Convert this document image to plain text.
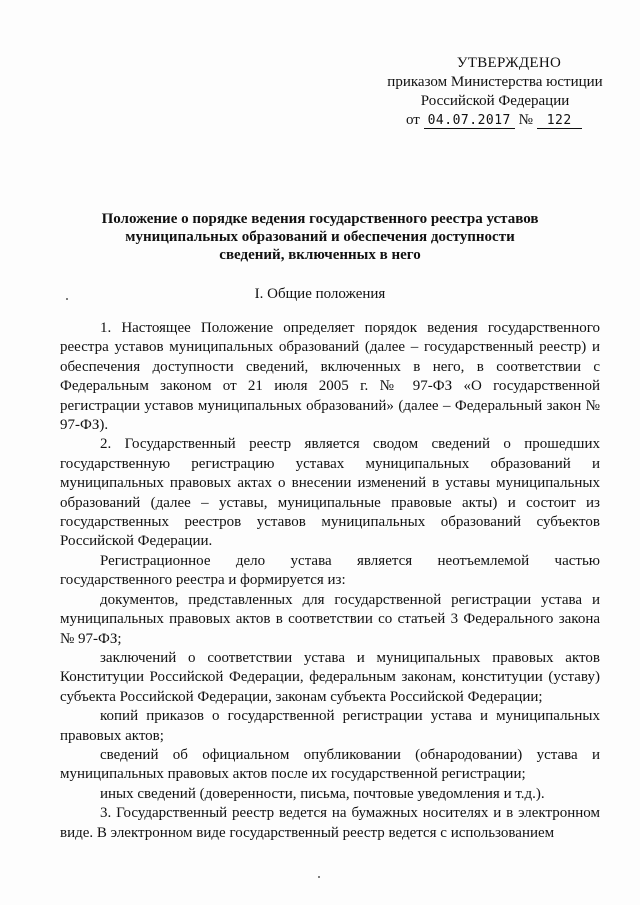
УТВЕРЖДЕНО
приказом Министерства юстиции
Российской Федерации
от 04.07.2017 № 122
Положение о порядке ведения государственного реестра уставов
муниципальных образований и обеспечения доступности
сведений, включенных в него
I. Общие положения

1. Настоящее Положение определяет порядок ведения государственного реестра уставов муниципальных образований (далее – государственный реестр) и обеспечения доступности сведений, включенных в него, в соответствии с Федеральным законом от 21 июля 2005 г. № 97-ФЗ «О государственной регистрации уставов муниципальных образований» (далее – Федеральный закон № 97-ФЗ).

2. Государственный реестр является сводом сведений о прошедших государственную регистрацию уставах муниципальных образований и муниципальных правовых актах о внесении изменений в уставы муниципальных образований (далее – уставы, муниципальные правовые акты) и состоит из государственных реестров уставов муниципальных образований субъектов Российской Федерации.

Регистрационное дело устава является неотъемлемой частью государственного реестра и формируется из:

документов, представленных для государственной регистрации устава и муниципальных правовых актов в соответствии со статьей 3 Федерального закона № 97-ФЗ;

заключений о соответствии устава и муниципальных правовых актов Конституции Российской Федерации, федеральным законам, конституции (уставу) субъекта Российской Федерации, законам субъекта Российской Федерации;

копий приказов о государственной регистрации устава и муниципальных правовых актов;

сведений об официальном опубликовании (обнародовании) устава и муниципальных правовых актов после их государственной регистрации;

иных сведений (доверенности, письма, почтовые уведомления и т.д.).

3. Государственный реестр ведется на бумажных носителях и в электронном виде. В электронном виде государственный реестр ведется с использованием
